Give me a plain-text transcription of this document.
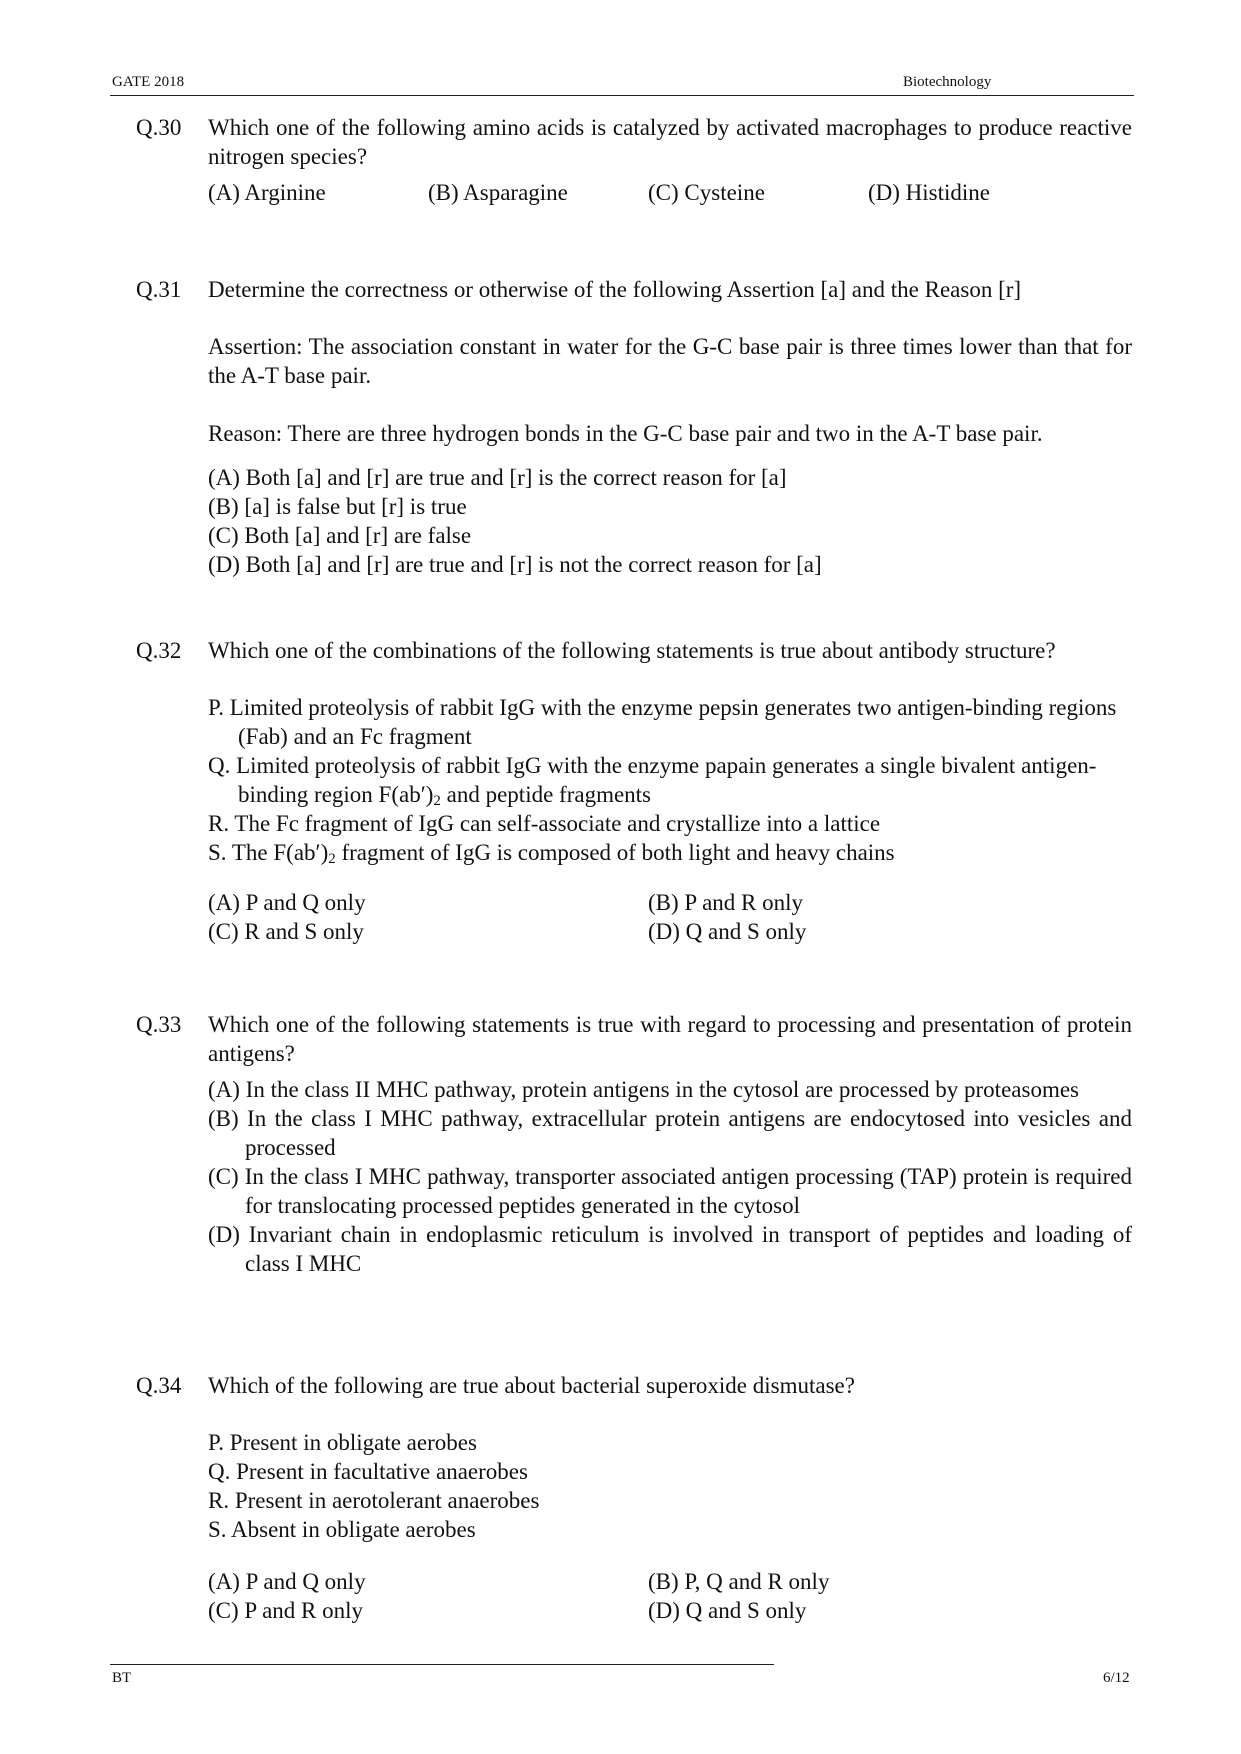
GATE 2018	Biotechnology
Q.30 Which one of the following amino acids is catalyzed by activated macrophages to produce reactive nitrogen species?
(A) Arginine	(B) Asparagine	(C) Cysteine	(D) Histidine
Q.31 Determine the correctness or otherwise of the following Assertion [a] and the Reason [r]
Assertion: The association constant in water for the G-C base pair is three times lower than that for the A-T base pair.
Reason: There are three hydrogen bonds in the G-C base pair and two in the A-T base pair.
(A) Both [a] and [r] are true and [r] is the correct reason for [a]
(B) [a] is false but [r] is true
(C) Both [a] and [r] are false
(D) Both [a] and [r] are true and [r] is not the correct reason for [a]
Q.32 Which one of the combinations of the following statements is true about antibody structure?
P. Limited proteolysis of rabbit IgG with the enzyme pepsin generates two antigen-binding regions (Fab) and an Fc fragment
Q. Limited proteolysis of rabbit IgG with the enzyme papain generates a single bivalent antigen-binding region $F(ab')_2$ and peptide fragments
R. The Fc fragment of IgG can self-associate and crystallize into a lattice
S. The $F(ab')_2$ fragment of IgG is composed of both light and heavy chains
(A) P and Q only	(B) P and R only
(C) R and S only	(D) Q and S only
Q.33 Which one of the following statements is true with regard to processing and presentation of protein antigens?
(A) In the class II MHC pathway, protein antigens in the cytosol are processed by proteasomes
(B) In the class I MHC pathway, extracellular protein antigens are endocytosed into vesicles and processed
(C) In the class I MHC pathway, transporter associated antigen processing (TAP) protein is required for translocating processed peptides generated in the cytosol
(D) Invariant chain in endoplasmic reticulum is involved in transport of peptides and loading of class I MHC
Q.34 Which of the following are true about bacterial superoxide dismutase?
P. Present in obligate aerobes
Q. Present in facultative anaerobes
R. Present in aerotolerant anaerobes
S. Absent in obligate aerobes
(A) P and Q only	(B) P, Q and R only
(C) P and R only	(D) Q and S only
BT	6/12
